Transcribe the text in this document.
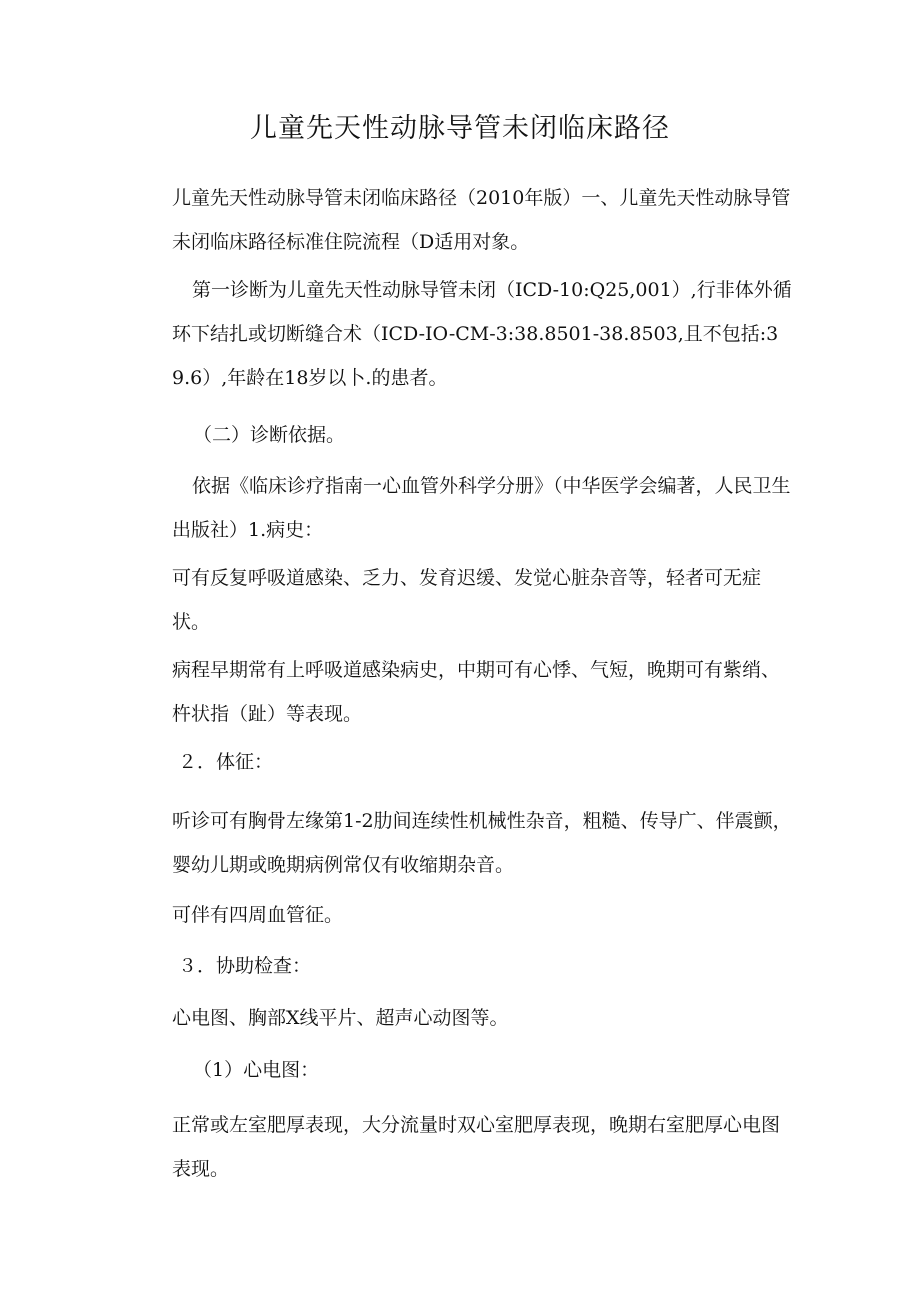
儿童先天性动脉导管未闭临床路径

儿童先天性动脉导管未闭临床路径（2010年版）一、儿童先天性动脉导管未闭临床路径标准住院流程（D适用对象。

第一诊断为儿童先天性动脉导管未闭（ICD-10:Q25,001）,行非体外循环下结扎或切断缝合术（ICD-IO-CM-3:38.8501-38.8503,且不包括:39.6）,年龄在18岁以卜.的患者。

（二）诊断依据。

依据《临床诊疗指南一心血管外科学分册》（中华医学会编著，人民卫生出版社）1.病史：

可有反复呼吸道感染、乏力、发育迟缓、发觉心脏杂音等，轻者可无症状。

病程早期常有上呼吸道感染病史，中期可有心悸、气短，晚期可有紫绡、杵状指（趾）等表现。

２．体征：

听诊可有胸骨左缘第1-2肋间连续性机械性杂音，粗糙、传导广、伴震颤，婴幼儿期或晚期病例常仅有收缩期杂音。

可伴有四周血管征。

３．协助检查：

心电图、胸部X线平片、超声心动图等。

（1）心电图：

正常或左室肥厚表现，大分流量时双心室肥厚表现，晚期右室肥厚心电图表现。
